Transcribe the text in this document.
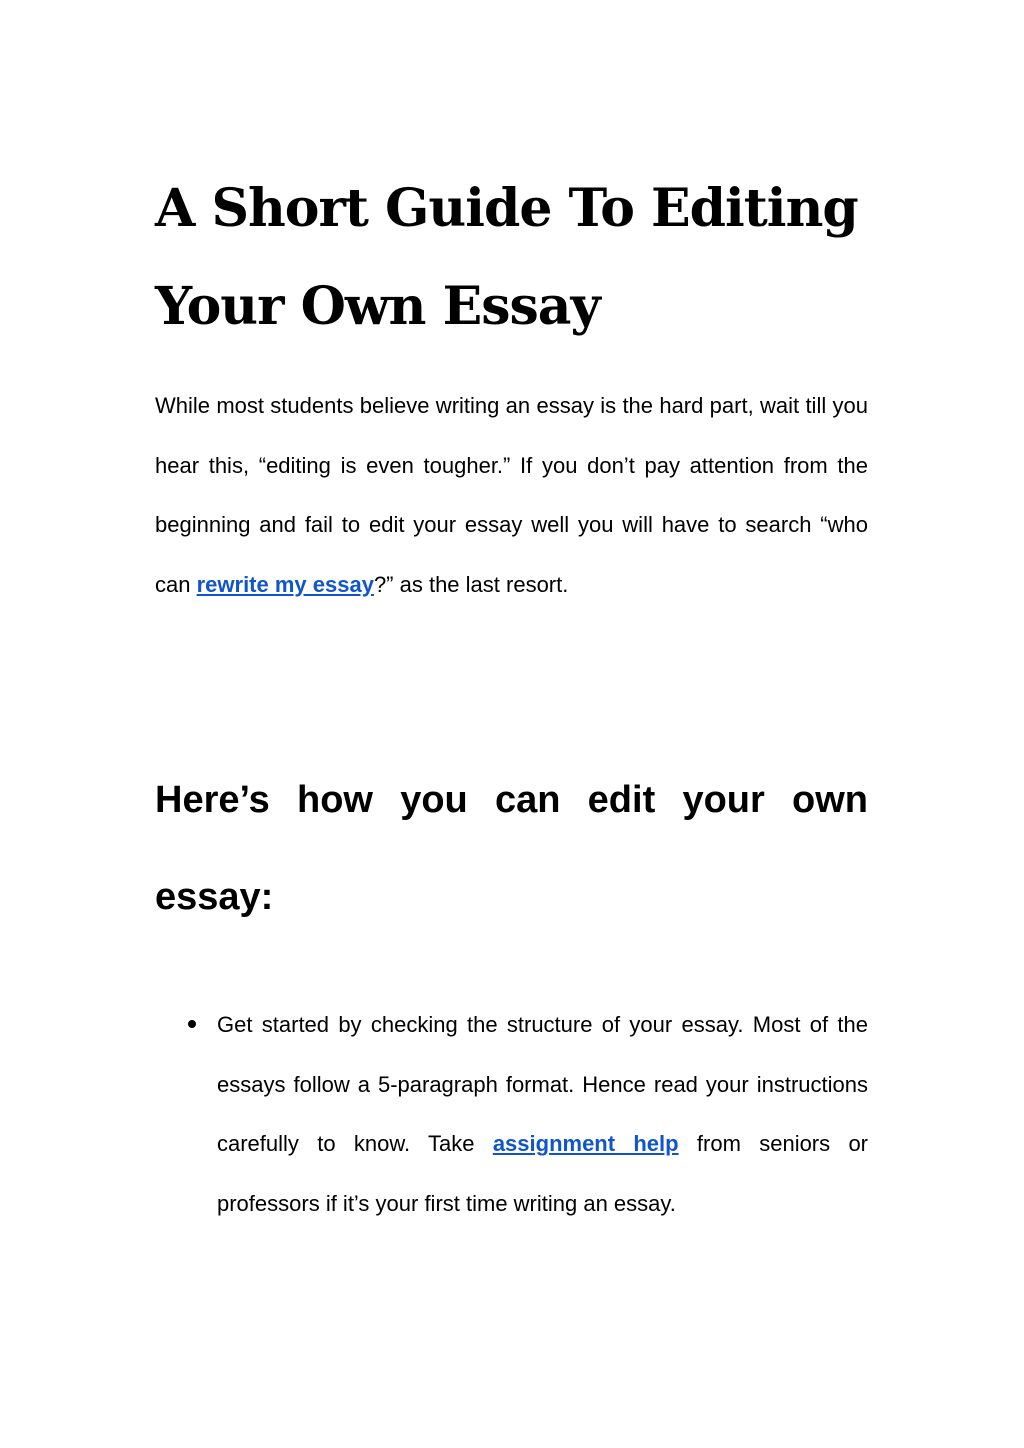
A Short Guide To Editing Your Own Essay

While most students believe writing an essay is the hard part, wait till you hear this, “editing is even tougher.” If you don’t pay attention from the beginning and fail to edit your essay well you will have to search “who can rewrite my essay?” as the last resort.

Here’s how you can edit your own essay:

Get started by checking the structure of your essay. Most of the essays follow a 5-paragraph format. Hence read your instructions carefully to know. Take assignment help from seniors or professors if it’s your first time writing an essay.
